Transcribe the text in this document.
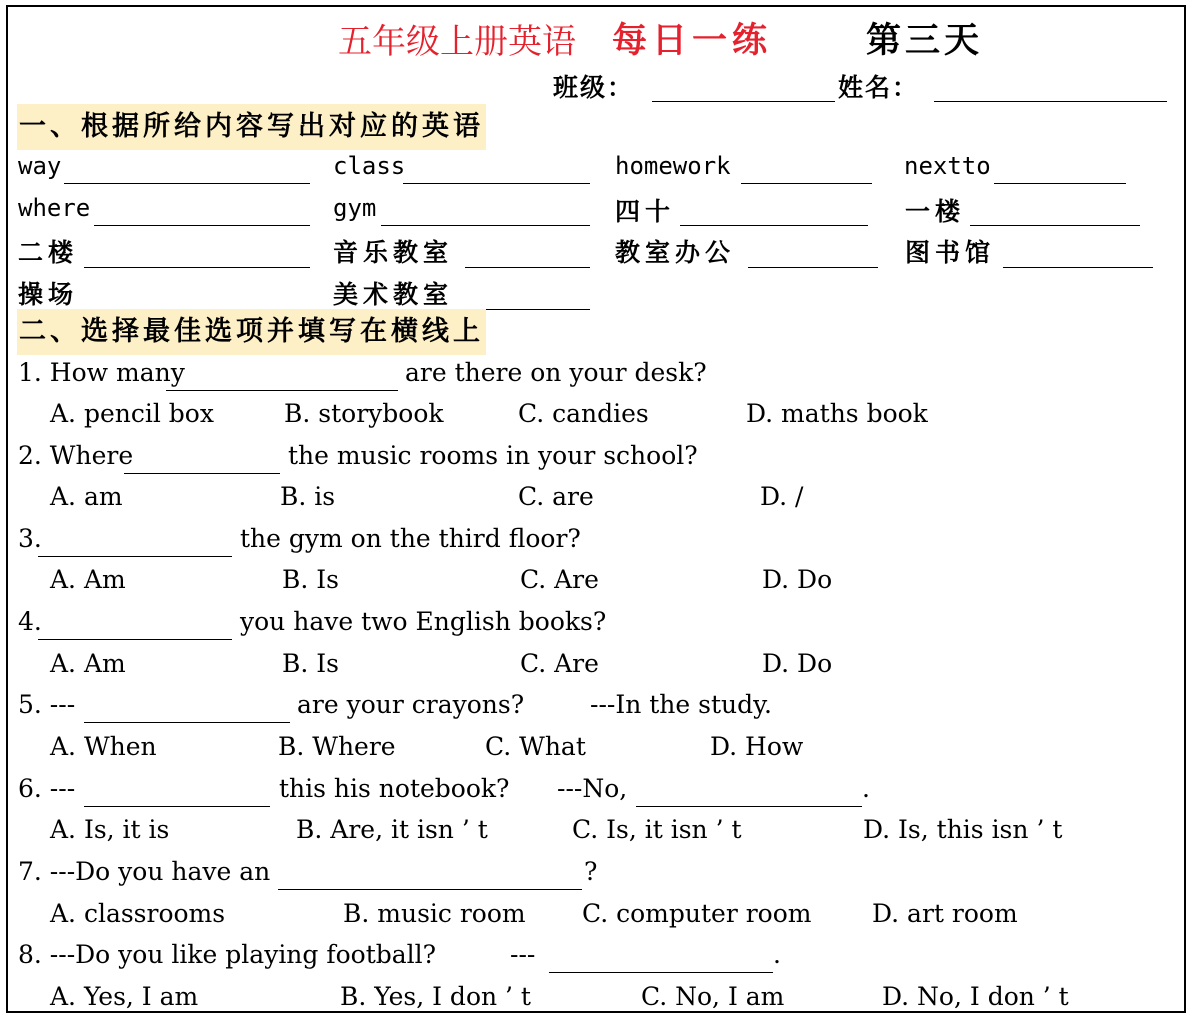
五年级上册英语 每日一练	第三天
班级：	姓名：
一、根据所给内容写出对应的英语
way	class	homework	nextto
where	gym	四十	一楼
二楼	音乐教室	教室办公	图书馆
操场	美术教室
二、选择最佳选项并填写在横线上
1. How many	are there on your desk?
A. pencil box	B. storybook	C. candies	D. maths book
2. Where	the music rooms in your school?
A. am	B. is	C. are	D. /
3.	the gym on the third floor?
A. Am	B. Is	C. Are	D. Do
4.	you have two English books?
A. Am	B. Is	C. Are	D. Do
5. ---	are your crayons?	---In the study.
A. When	B. Where	C. What	D. How
6. ---	this his notebook? ---No,	.
A. Is, it is	B. Are, it isn ’ t	C. Is, it isn ’ t	D. Is, this isn ’ t
7. ---Do you have an	?
A. classrooms	B. music room C. computer room D. art room
8. ---Do you like playing football?	---	.
A. Yes, I am	B. Yes, I don ’ t	C. No, I am	D. No, I don ’ t
